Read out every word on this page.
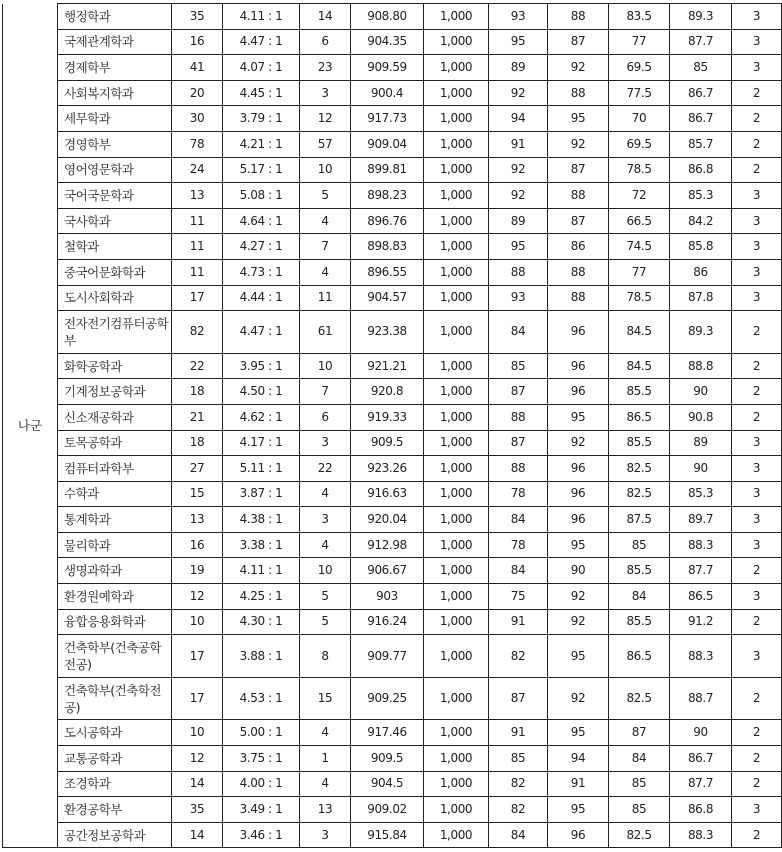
나군	행정학과	35	4.11 : 1	14	908.80	1,000	93	88	83.5	89.3	3
	국제관계학과	16	4.47 : 1	6	904.35	1,000	95	87	77	87.7	3
	경제학부	41	4.07 : 1	23	909.59	1,000	89	92	69.5	85	3
	사회복지학과	20	4.45 : 1	3	900.4	1,000	92	88	77.5	86.7	2
	세무학과	30	3.79 : 1	12	917.73	1,000	94	95	70	86.7	2
	경영학부	78	4.21 : 1	57	909.04	1,000	91	92	69.5	85.7	2
	영어영문학과	24	5.17 : 1	10	899.81	1,000	92	87	78.5	86.8	2
	국어국문학과	13	5.08 : 1	5	898.23	1,000	92	88	72	85.3	3
	국사학과	11	4.64 : 1	4	896.76	1,000	89	87	66.5	84.2	3
	철학과	11	4.27 : 1	7	898.83	1,000	95	86	74.5	85.8	3
	중국어문화학과	11	4.73 : 1	4	896.55	1,000	88	88	77	86	3
	도시사회학과	17	4.44 : 1	11	904.57	1,000	93	88	78.5	87.8	3
	전자전기컴퓨터공학부	82	4.47 : 1	61	923.38	1,000	84	96	84.5	89.3	2
	화학공학과	22	3.95 : 1	10	921.21	1,000	85	96	84.5	88.8	2
	기계정보공학과	18	4.50 : 1	7	920.8	1,000	87	96	85.5	90	2
	신소재공학과	21	4.62 : 1	6	919.33	1,000	88	95	86.5	90.8	2
	토목공학과	18	4.17 : 1	3	909.5	1,000	87	92	85.5	89	3
	컴퓨터과학부	27	5.11 : 1	22	923.26	1,000	88	96	82.5	90	3
	수학과	15	3.87 : 1	4	916.63	1,000	78	96	82.5	85.3	3
	통계학과	13	4.38 : 1	3	920.04	1,000	84	96	87.5	89.7	3
	물리학과	16	3.38 : 1	4	912.98	1,000	78	95	85	88.3	3
	생명과학과	19	4.11 : 1	10	906.67	1,000	84	90	85.5	87.7	2
	환경원예학과	12	4.25 : 1	5	903	1,000	75	92	84	86.5	3
	융합응용화학과	10	4.30 : 1	5	916.24	1,000	91	92	85.5	91.2	2
	건축학부(건축공학전공)	17	3.88 : 1	8	909.77	1,000	82	95	86.5	88.3	3
	건축학부(건축학전공)	17	4.53 : 1	15	909.25	1,000	87	92	82.5	88.7	2
	도시공학과	10	5.00 : 1	4	917.46	1,000	91	95	87	90	2
	교통공학과	12	3.75 : 1	1	909.5	1,000	85	94	84	86.7	2
	조경학과	14	4.00 : 1	4	904.5	1,000	82	91	85	87.7	2
	환경공학부	35	3.49 : 1	13	909.02	1,000	82	95	85	86.8	3
	공간정보공학과	14	3.46 : 1	3	915.84	1,000	84	96	82.5	88.3	2
